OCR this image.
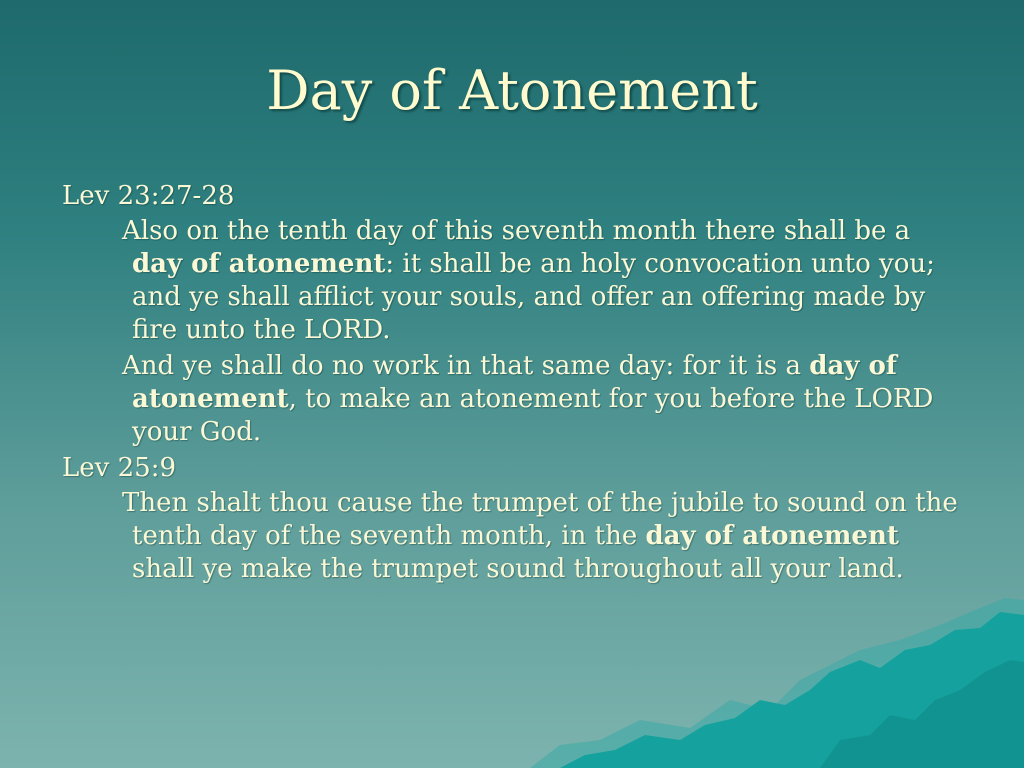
Day of Atonement

Lev 23:27-28

Also on the tenth day of this seventh month there shall be a day of atonement: it shall be an holy convocation unto you; and ye shall afflict your souls, and offer an offering made by fire unto the LORD.

And ye shall do no work in that same day: for it is a day of atonement, to make an atonement for you before the LORD your God.

Lev 25:9

Then shalt thou cause the trumpet of the jubile to sound on the tenth day of the seventh month, in the day of atonement shall ye make the trumpet sound throughout all your land.
